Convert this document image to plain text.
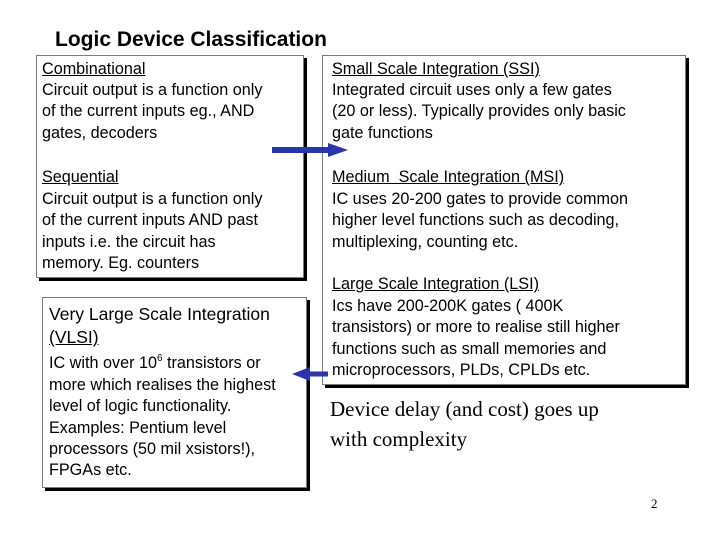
Logic Device Classification
Combinational
Circuit output is a function only
of the current inputs eg., AND
gates, decoders
Sequential
Circuit output is a function only
of the current inputs AND past
inputs i.e. the circuit has
memory. Eg. counters
Small Scale Integration (SSI)
Integrated circuit uses only a few gates
(20 or less). Typically provides only basic
gate functions
Medium  Scale Integration (MSI)
IC uses 20-200 gates to provide common
higher level functions such as decoding,
multiplexing, counting etc.
Large Scale Integration (LSI)
Ics have 200-200K gates ( 400K
transistors) or more to realise still higher
functions such as small memories and
microprocessors, PLDs, CPLDs etc.
Very Large Scale Integration
(VLSI)
IC with over $10^6$ transistors or
more which realises the highest
level of logic functionality.
Examples: Pentium level
processors (50 mil xsistors!),
FPGAs etc.
Device delay (and cost) goes up
with complexity
2
